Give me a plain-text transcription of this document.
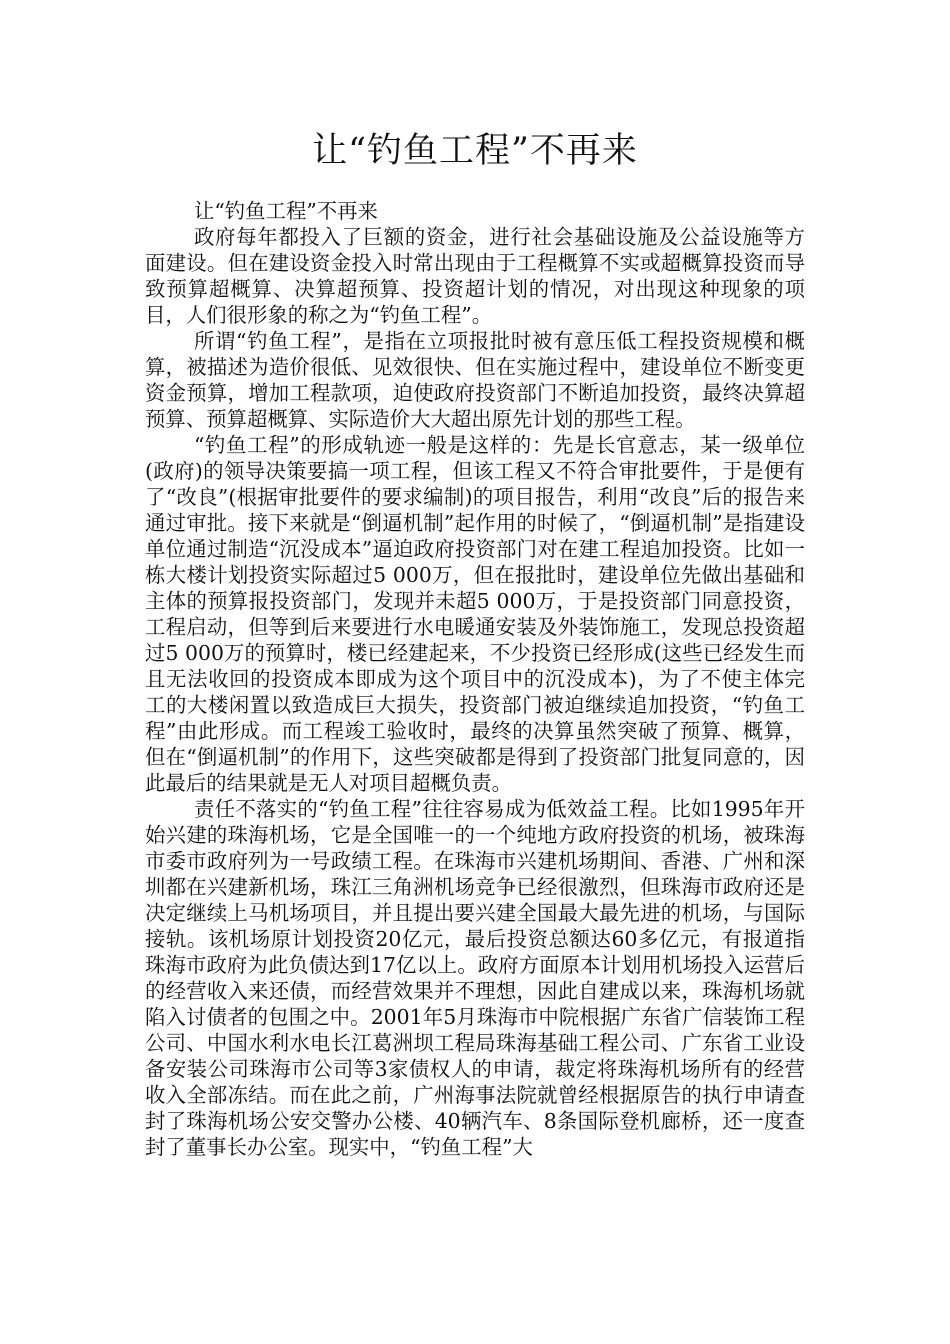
让“钓鱼工程”不再来

让“钓鱼工程”不再来

政府每年都投入了巨额的资金，进行社会基础设施及公益设施等方面建设。但在建设资金投入时常出现由于工程概算不实或超概算投资而导致预算超概算、决算超预算、投资超计划的情况，对出现这种现象的项目，人们很形象的称之为“钓鱼工程”。

所谓“钓鱼工程”，是指在立项报批时被有意压低工程投资规模和概算，被描述为造价很低、见效很快、但在实施过程中，建设单位不断变更资金预算，增加工程款项，迫使政府投资部门不断追加投资，最终决算超预算、预算超概算、实际造价大大超出原先计划的那些工程。

“钓鱼工程”的形成轨迹一般是这样的：先是长官意志，某一级单位(政府)的领导决策要搞一项工程，但该工程又不符合审批要件，于是便有了“改良”(根据审批要件的要求编制)的项目报告，利用“改良”后的报告来通过审批。接下来就是“倒逼机制”起作用的时候了，“倒逼机制”是指建设单位通过制造“沉没成本”逼迫政府投资部门对在建工程追加投资。比如一栋大楼计划投资实际超过5 000万，但在报批时，建设单位先做出基础和主体的预算报投资部门，发现并未超5 000万，于是投资部门同意投资，工程启动，但等到后来要进行水电暖通安装及外装饰施工，发现总投资超过5 000万的预算时，楼已经建起来，不少投资已经形成(这些已经发生而且无法收回的投资成本即成为这个项目中的沉没成本)，为了不使主体完工的大楼闲置以致造成巨大损失，投资部门被迫继续追加投资，“钓鱼工程”由此形成。而工程竣工验收时，最终的决算虽然突破了预算、概算，但在“倒逼机制”的作用下，这些突破都是得到了投资部门批复同意的，因此最后的结果就是无人对项目超概负责。

责任不落实的“钓鱼工程”往往容易成为低效益工程。比如1995年开始兴建的珠海机场，它是全国唯一的一个纯地方政府投资的机场，被珠海市委市政府列为一号政绩工程。在珠海市兴建机场期间、香港、广州和深圳都在兴建新机场，珠江三角洲机场竞争已经很激烈，但珠海市政府还是决定继续上马机场项目，并且提出要兴建全国最大最先进的机场，与国际接轨。该机场原计划投资20亿元，最后投资总额达60多亿元，有报道指珠海市政府为此负债达到17亿以上。政府方面原本计划用机场投入运营后的经营收入来还债，而经营效果并不理想，因此自建成以来，珠海机场就陷入讨债者的包围之中。2001年5月珠海市中院根据广东省广信装饰工程公司、中国水利水电长江葛洲坝工程局珠海基础工程公司、广东省工业设备安装公司珠海市公司等3家债权人的申请，裁定将珠海机场所有的经营收入全部冻结。而在此之前，广州海事法院就曾经根据原告的执行申请查封了珠海机场公安交警办公楼、40辆汽车、8条国际登机廊桥，还一度查封了董事长办公室。现实中，“钓鱼工程”大
